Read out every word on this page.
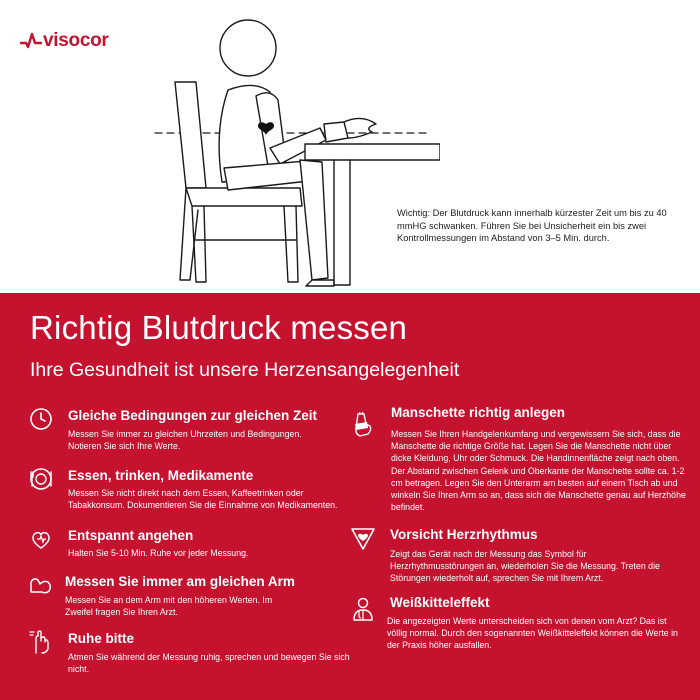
visocor
Wichtig: Der Blutdruck kann innerhalb kürzester Zeit um bis zu 40 mmHG schwanken. Führen Sie bei Unsicherheit ein bis zwei Kontrollmessungen im Abstand von 3–5 Min. durch.
Richtig Blutdruck messen
Ihre Gesundheit ist unsere Herzensangelegenheit
Gleiche Bedingungen zur gleichen Zeit

Messen Sie immer zu gleichen Uhrzeiten und Bedingungen. Notieren Sie sich Ihre Werte.

Essen, trinken, Medikamente

Messen Sie nicht direkt nach dem Essen, Kaffeetrinken oder Tabakkonsum. Dokumentieren Sie die Einnahme von Medikamenten.

Entspannt angehen

Halten Sie 5-10 Min. Ruhe vor jeder Messung.

Messen Sie immer am gleichen Arm

Messen Sie an dem Arm mit den höheren Werten. Im Zweifel fragen Sie Ihren Arzt.

Ruhe bitte

Atmen Sie während der Messung ruhig, sprechen und bewegen Sie sich nicht.

Manschette richtig anlegen

Messen Sie Ihren Handgelenkumfang und vergewissern Sie sich, dass die Manschette die richtige Größe hat. Legen Sie die Manschette nicht über dicke Kleidung, Uhr oder Schmuck. Die Handinnenfläche zeigt nach oben. Der Abstand zwischen Gelenk und Oberkante der Manschette sollte ca. 1-2 cm betragen. Legen Sie den Unterarm am besten auf einem Tisch ab und winkeln Sie Ihren Arm so an, dass sich die Manschette genau auf Herzhöhe befindet.

Vorsicht Herzrhythmus

Zeigt das Gerät nach der Messung das Symbol für Herzrhythmusstörungen an, wiederholen Sie die Messung. Treten die Störungen wiederholt auf, sprechen Sie mit Ihrem Arzt.

Weißkitteleffekt

Die angezeigten Werte unterscheiden sich von denen vom Arzt? Das ist völlig normal. Durch den sogenannten Weißkitteleffekt können die Werte in der Praxis höher ausfallen.
